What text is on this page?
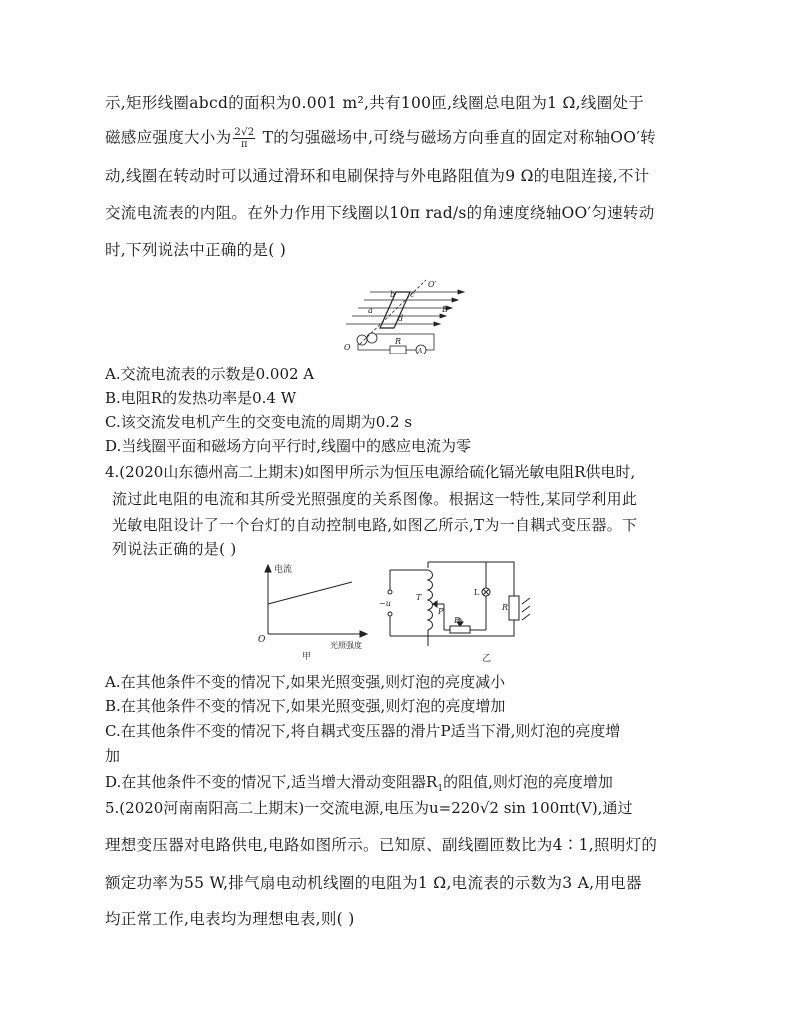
示,矩形线圈abcd的面积为0.001 m²,共有100匝,线圈总电阻为1 Ω,线圈处于
磁感应强度大小为 $\frac{2√2}{\pi}$ T的匀强磁场中,可绕与磁场方向垂直的固定对称轴OO′转
动,线圈在转动时可以通过滑环和电刷保持与外电路阻值为9 Ω的电阻连接,不计
交流电流表的内阻。在外力作用下线圈以10π rad/s的角速度绕轴OO′匀速转动
时,下列说法中正确的是( )
O′
b c
a
d
B
O
R
A
A.交流电流表的示数是0.002 A
B.电阻R的发热功率是0.4 W
C.该交流发电机产生的交变电流的周期为0.2 s
D.当线圈平面和磁场方向平行时,线圈中的感应电流为零
4.(2020山东德州高二上期末)如图甲所示为恒压电源给硫化镉光敏电阻R供电时,
流过此电阻的电流和其所受光照强度的关系图像。根据这一特性,某同学利用此
光敏电阻设计了一个台灯的自动控制电路,如图乙所示,T为一自耦式变压器。下
列说法正确的是( )
电流
光照强度
O
甲
~u
T
P
L
R₁
R
乙
A.在其他条件不变的情况下,如果光照变强,则灯泡的亮度减小
B.在其他条件不变的情况下,如果光照变强,则灯泡的亮度增加
C.在其他条件不变的情况下,将自耦式变压器的滑片P适当下滑,则灯泡的亮度增
加
D.在其他条件不变的情况下,适当增大滑动变阻器$R_1$的阻值,则灯泡的亮度增加
5.(2020河南南阳高二上期末)一交流电源,电压为u=220√2 sin 100πt(V),通过
理想变压器对电路供电,电路如图所示。已知原、副线圈匝数比为4∶1,照明灯的
额定功率为55 W,排气扇电动机线圈的电阻为1 Ω,电流表的示数为3 A,用电器
均正常工作,电表均为理想电表,则( )
